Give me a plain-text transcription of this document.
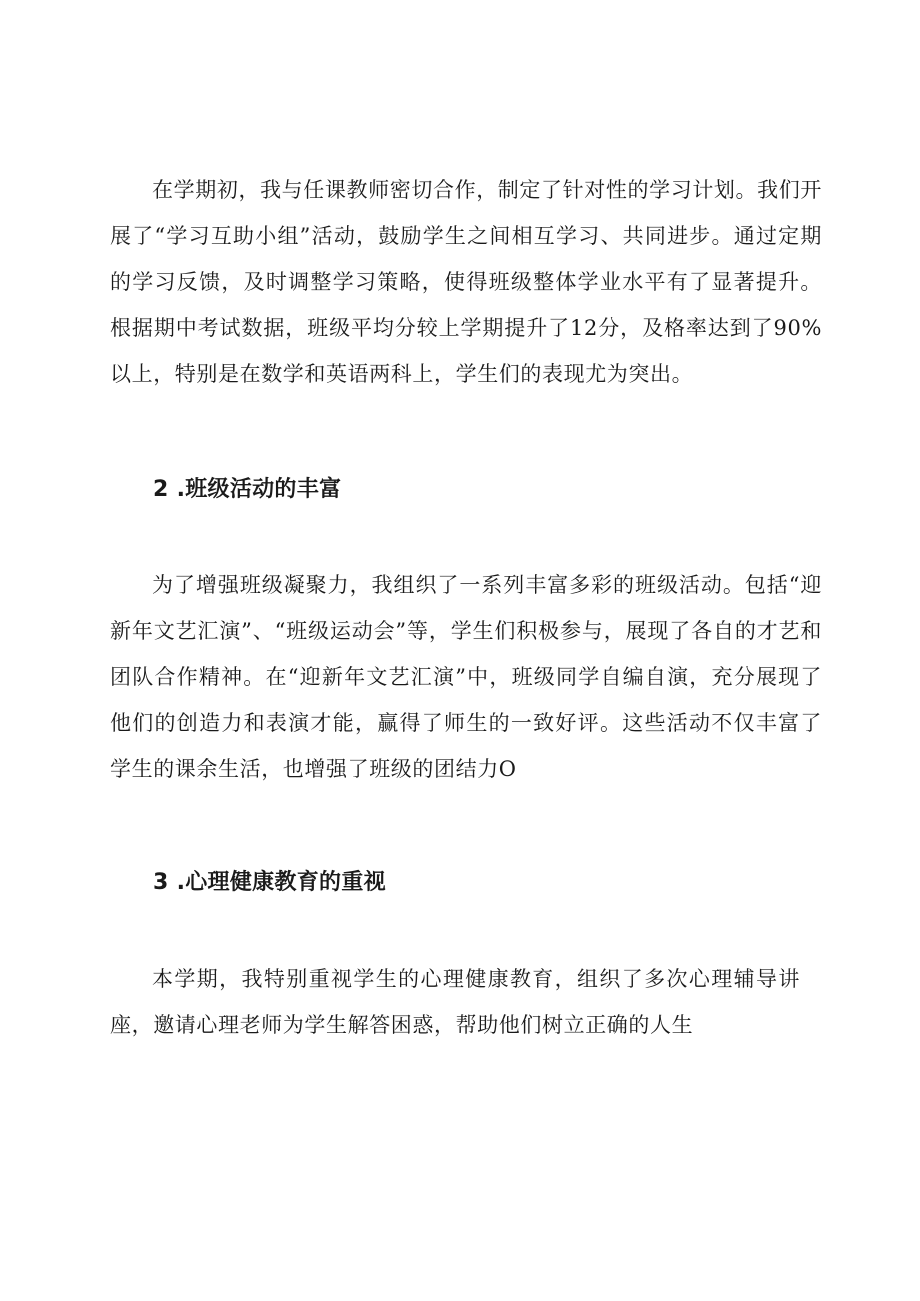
在学期初，我与任课教师密切合作，制定了针对性的学习计划。我们开展了“学习互助小组”活动，鼓励学生之间相互学习、共同进步。通过定期的学习反馈，及时调整学习策略，使得班级整体学业水平有了显著提升。根据期中考试数据，班级平均分较上学期提升了12分，及格率达到了90%以上，特别是在数学和英语两科上，学生们的表现尤为突出。

2 .班级活动的丰富

为了增强班级凝聚力，我组织了一系列丰富多彩的班级活动。包括“迎新年文艺汇演”、“班级运动会”等，学生们积极参与，展现了各自的才艺和团队合作精神。在“迎新年文艺汇演”中，班级同学自编自演，充分展现了他们的创造力和表演才能，赢得了师生的一致好评。这些活动不仅丰富了学生的课余生活，也增强了班级的团结力O

3 .心理健康教育的重视

本学期，我特别重视学生的心理健康教育，组织了多次心理辅导讲座，邀请心理老师为学生解答困惑，帮助他们树立正确的人生
